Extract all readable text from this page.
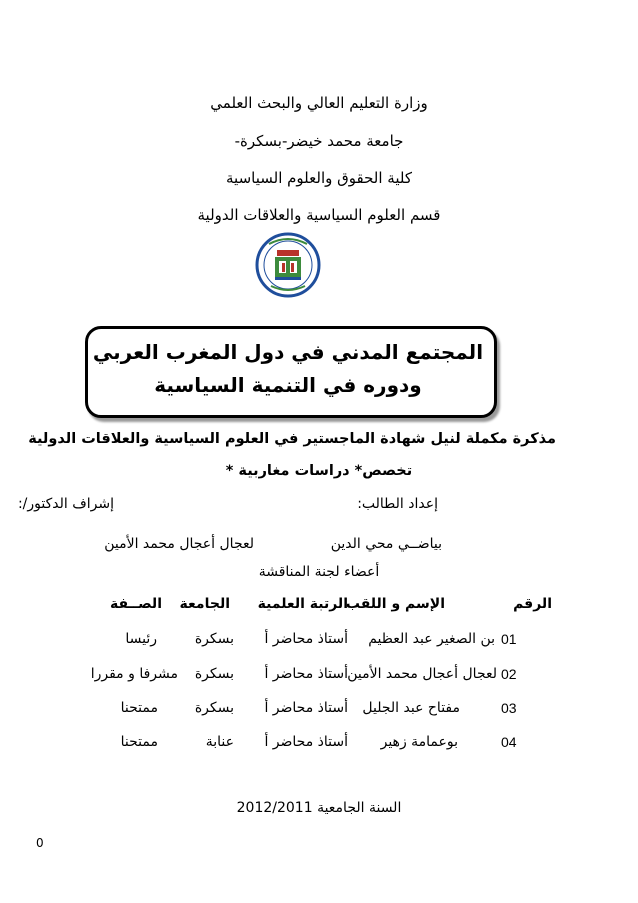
وزارة التعليم العالي والبحث العلمي
جامعة محمد خيضر-بسكرة-
كلية الحقوق والعلوم السياسية
قسم العلوم السياسية والعلاقات الدولية
المجتمع المدني في دول المغرب العربي
ودوره في التنمية السياسية
مذكرة مكملة لنيل شهادة الماجستير في العلوم السياسية والعلاقات الدولية
تخصص* دراسات مغاربية *
إعداد الطالب:
إشراف الدكتور/:
بياضــي محي الدين
لعجال أعجال محمد الأمين
أعضاء لجنة المناقشة
الرقم
الإسم و اللقب
الرتبة العلمية
الجامعة
الصــفة
01
بن الصغير عبد العظيم
أستاذ محاضر أ
بسكرة
رئيسا
02
لعجال أعجال محمد الأمين
أستاذ محاضر أ
بسكرة
مشرفا و مقررا
03
مفتاح عبد الجليل
أستاذ محاضر أ
بسكرة
ممتحنا
04
بوعمامة زهير
أستاذ محاضر أ
عنابة
ممتحنا
السنة الجامعية 2012/2011
0
